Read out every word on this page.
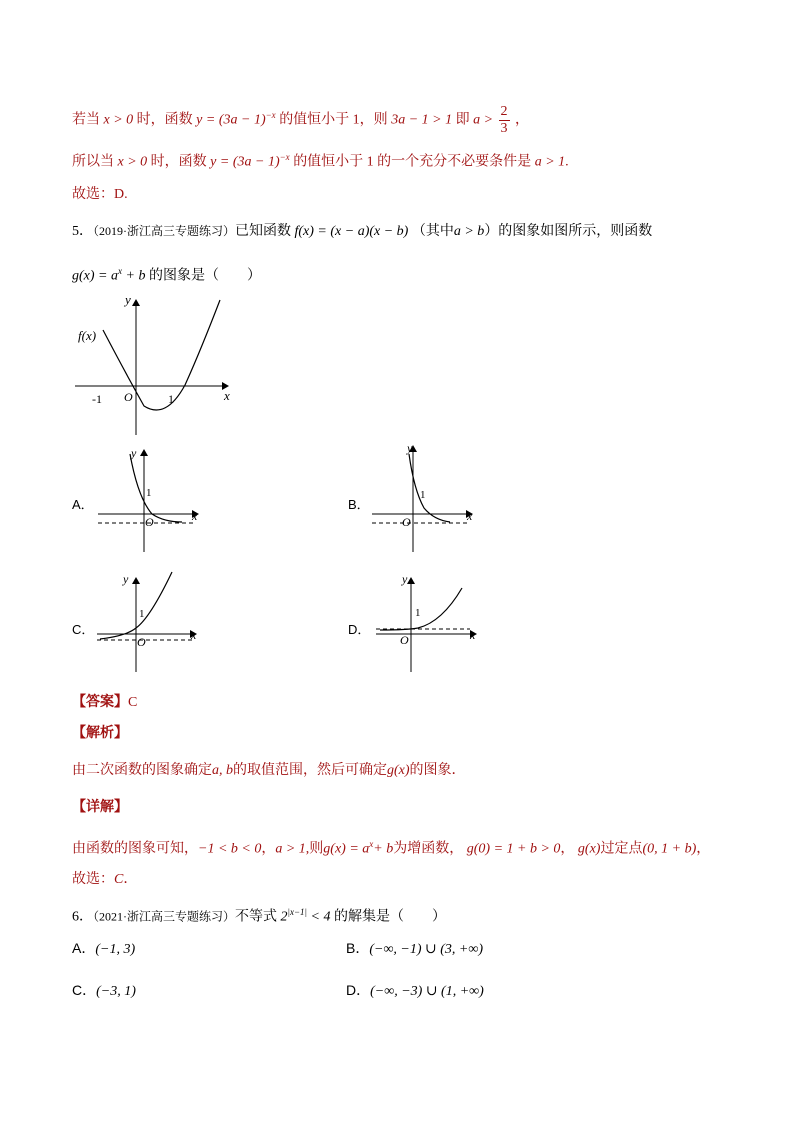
若当 x > 0 时，函数 $y = (3a - 1)^{-x}$ 的值恒小于 1，则 3a − 1 > 1 即 $a > \frac{2}{3}$ ，
所以当 x > 0 时，函数 $y = (3a - 1)^{-x}$ 的值恒小于 1 的一个充分不必要条件是 a > 1.
故选：D.
5．（2019·浙江高三专题练习）已知函数 f(x) = (x − a)(x − b) （其中a > b）的图象如图所示，则函数
$g(x) = a^x + b$ 的图象是（　　）
y
x
f(x)
O
-1	1
A．
y
x
1
O
B．
y
x
1
O
C．
y
x
1
O
D．
y
x
1
O
【答案】C
【解析】
由二次函数的图象确定a, b的取值范围，然后可确定g(x)的图象．
【详解】
由函数的图象可知，−1 < b < 0，a > 1,则$g(x) = a^x+ b$为增函数， g(0) = 1 + b > 0， g(x)过定点(0, 1 + b)，
故选：C．
6．（2021·浙江高三专题练习）不等式 $2^{|x-1|} < 4$ 的解集是（　　）
A．(−1, 3)	B．(−∞, −1) ∪ (3, +∞)
C．(−3, 1)	D．(−∞, −3) ∪ (1, +∞)
